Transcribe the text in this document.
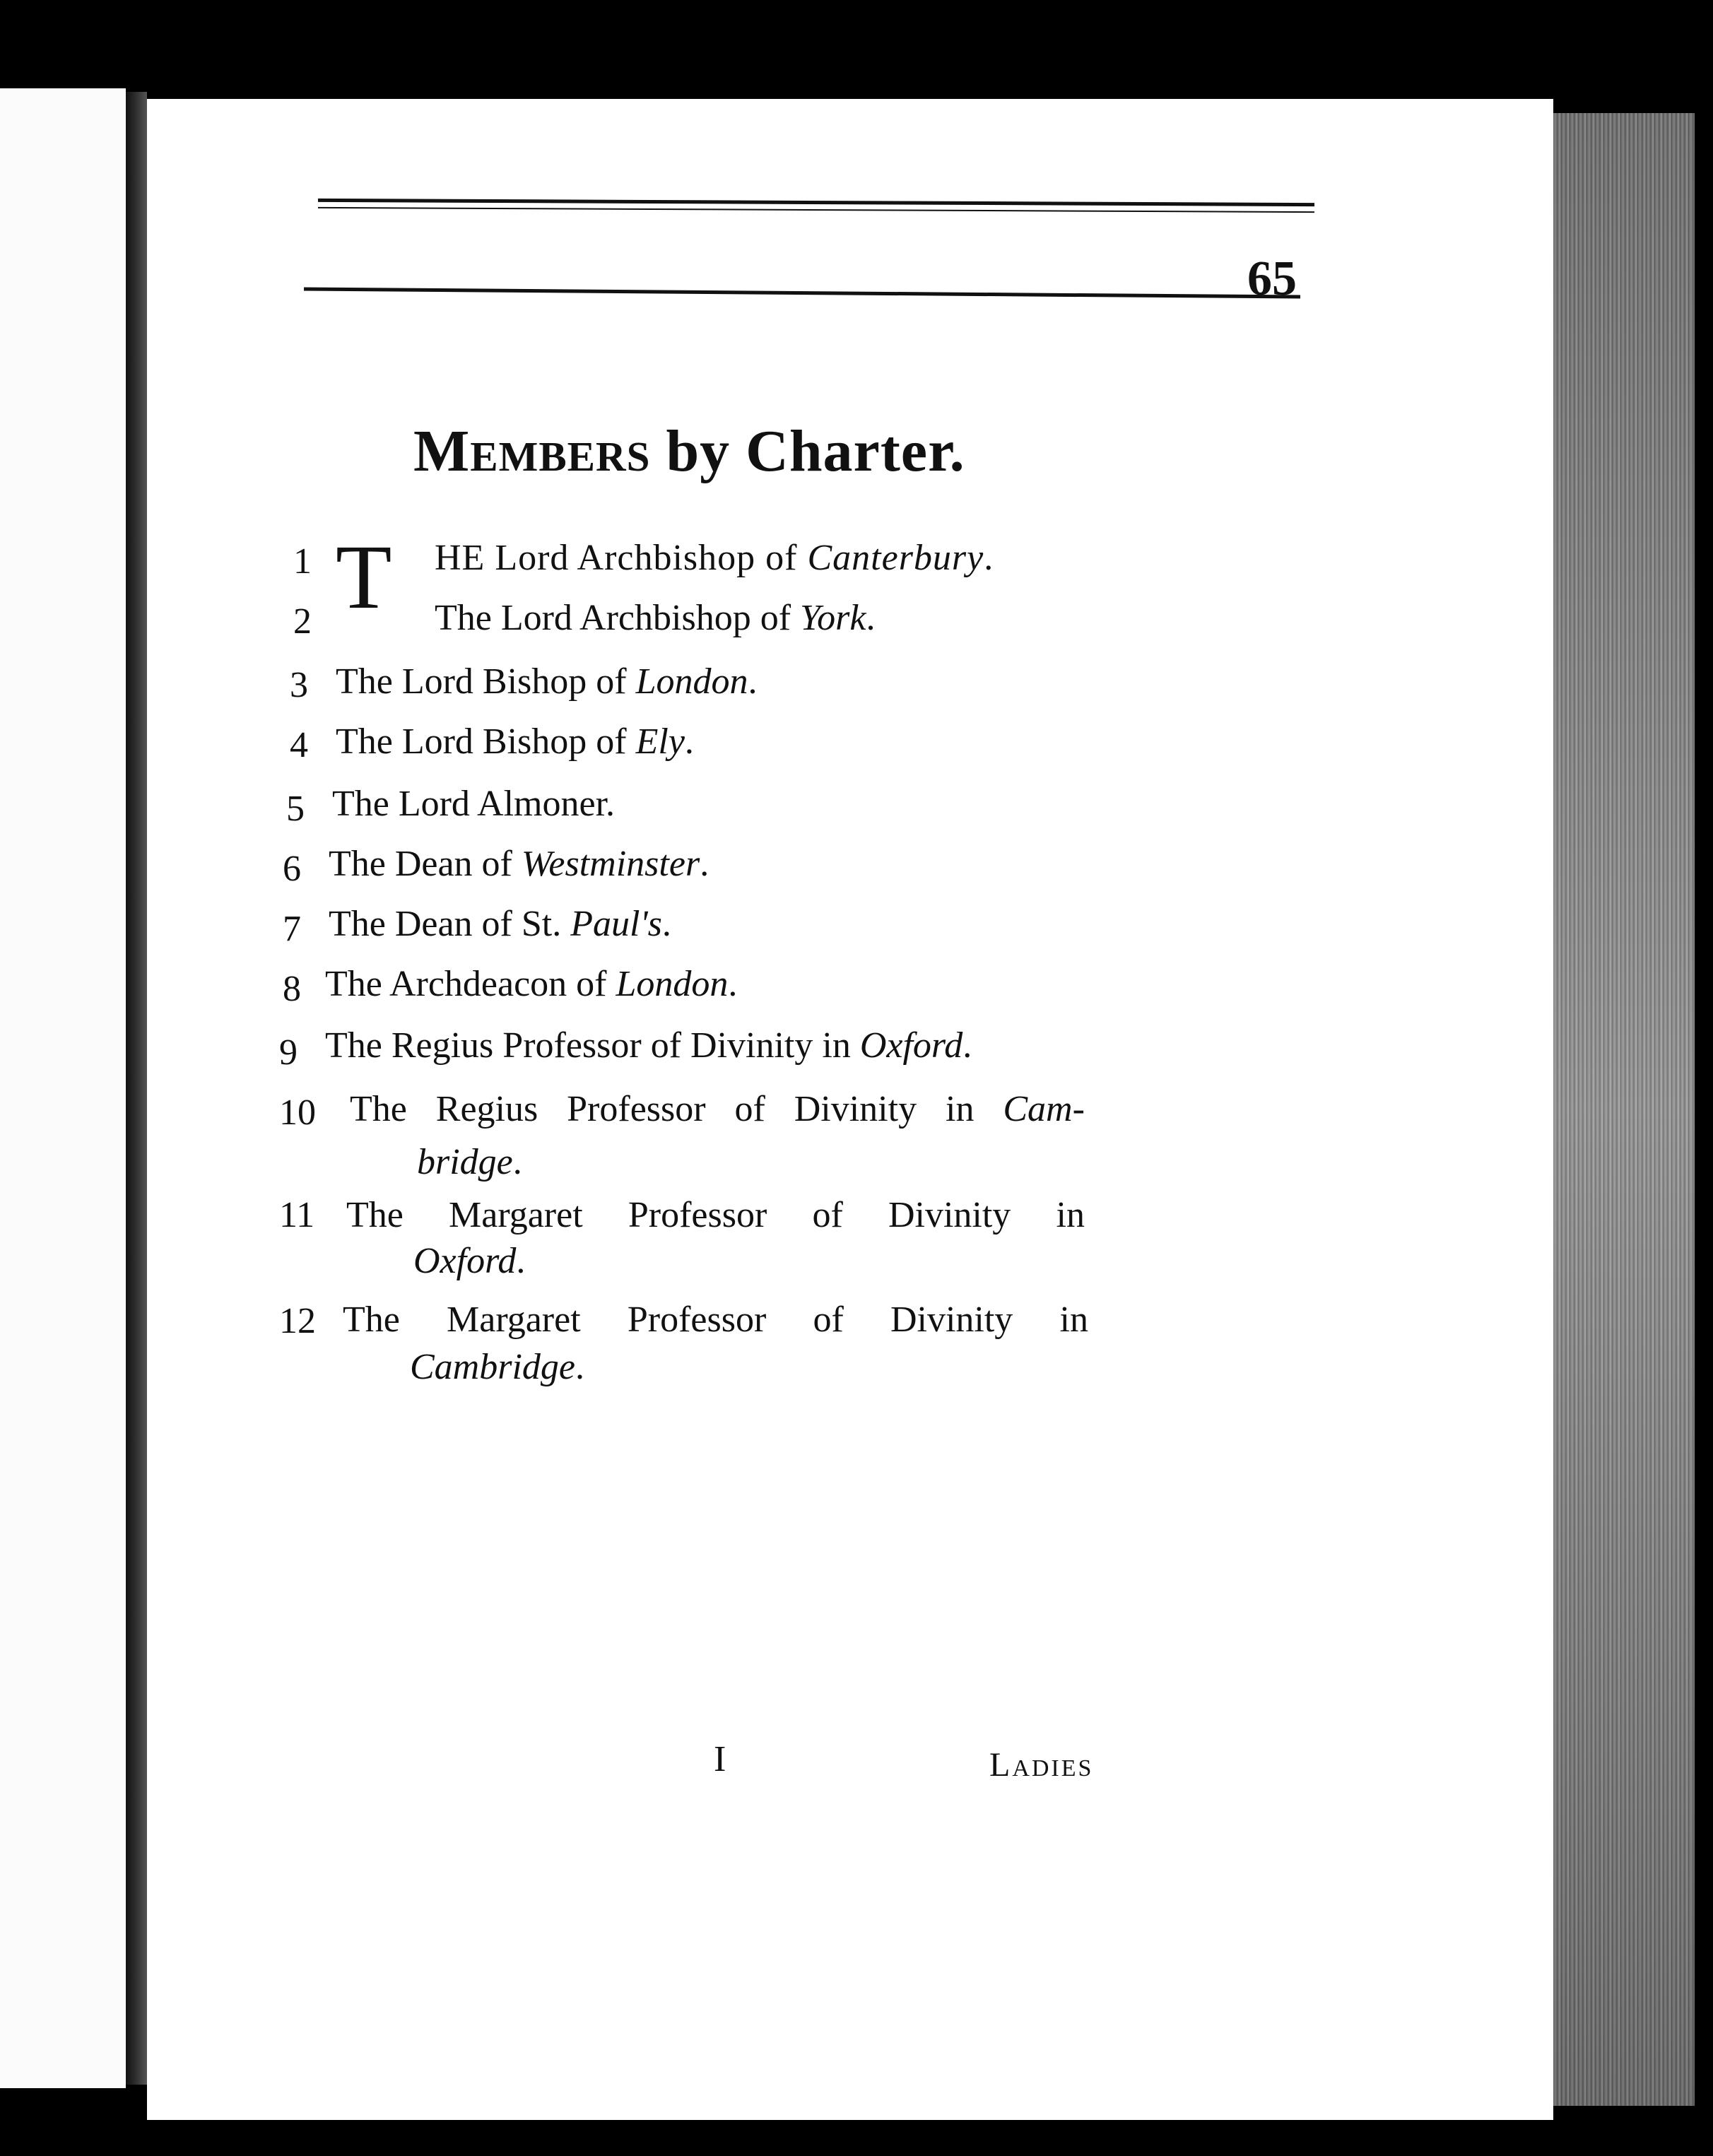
65
Members by Charter.
T
1	HE Lord Archbishop of Canterbury.
2	The Lord Archbishop of York.
3 The Lord Bishop of London.
4 The Lord Bishop of Ely.
5 The Lord Almoner.
6 The Dean of Westminster.
7 The Dean of St. Paul's.
8 The Archdeacon of London.
9 The Regius Professor of Divinity in Oxford.
10 The Regius Professor of Divinity in Cam-
bridge.
11 The Margaret Professor of Divinity in
Oxford.
12 The Margaret Professor of Divinity in
Cambridge.
I	Ladies
